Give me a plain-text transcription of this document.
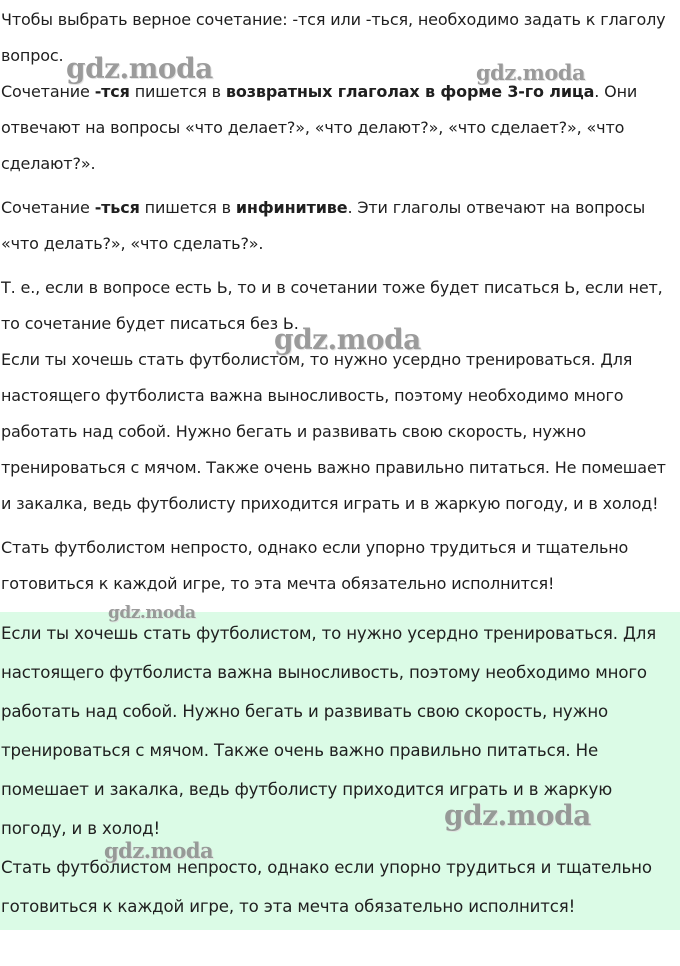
Чтобы выбрать верное сочетание: -тся или -ться, необходимо задать к глаголу вопрос.

Сочетание -тся пишется в возвратных глаголах в форме 3-го лица. Они отвечают на вопросы «что делает?», «что делают?», «что сделает?», «что сделают?».

Сочетание -ться пишется в инфинитиве. Эти глаголы отвечают на вопросы «что делать?», «что сделать?».

Т. е., если в вопросе есть Ь, то и в сочетании тоже будет писаться Ь, если нет, то сочетание будет писаться без Ь.

Если ты хочешь стать футболистом, то нужно усердно тренироваться. Для настоящего футболиста важна выносливость, поэтому необходимо много работать над собой. Нужно бегать и развивать свою скорость, нужно тренироваться с мячом. Также очень важно правильно питаться. Не помешает и закалка, ведь футболисту приходится играть и в жаркую погоду, и в холод!

Стать футболистом непросто, однако если упорно трудиться и тщательно готовиться к каждой игре, то эта мечта обязательно исполнится!

Если ты хочешь стать футболистом, то нужно усердно тренироваться. Для настоящего футболиста важна выносливость, поэтому необходимо много работать над собой. Нужно бегать и развивать свою скорость, нужно тренироваться с мячом. Также очень важно правильно питаться. Не помешает и закалка, ведь футболисту приходится играть и в жаркую погоду, и в холод!

Стать футболистом непросто, однако если упорно трудиться и тщательно готовиться к каждой игре, то эта мечта обязательно исполнится!

gdz.moda	gdz.moda
gdz.moda
gdz.moda
gdz.moda
gdz.moda
